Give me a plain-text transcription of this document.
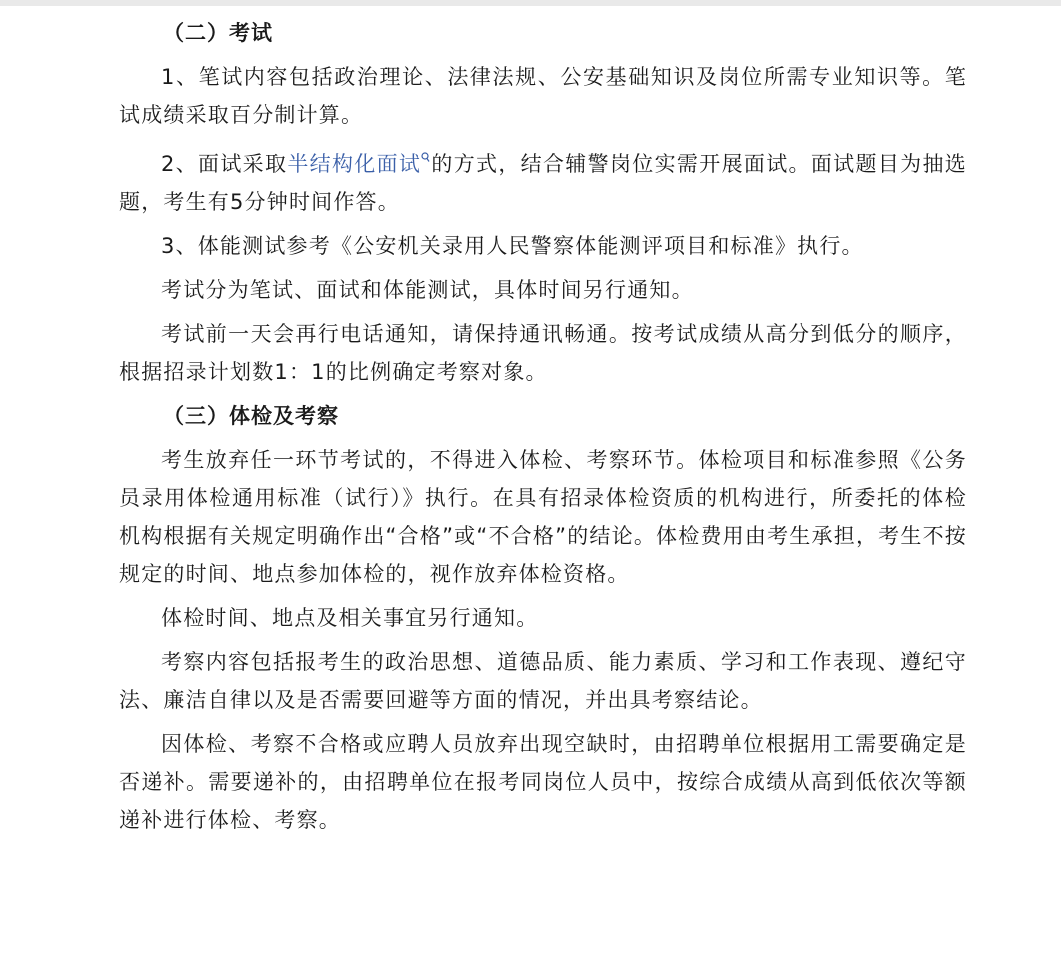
（二）考试

1、笔试内容包括政治理论、法律法规、公安基础知识及岗位所需专业知识等。笔试成绩采取百分制计算。

2、面试采取半结构化面试 的方式，结合辅警岗位实需开展面试。面试题目为抽选题，考生有5分钟时间作答。

3、体能测试参考《公安机关录用人民警察体能测评项目和标准》执行。

考试分为笔试、面试和体能测试，具体时间另行通知。

考试前一天会再行电话通知，请保持通讯畅通。按考试成绩从高分到低分的顺序，根据招录计划数1：1的比例确定考察对象。

（三）体检及考察

考生放弃任一环节考试的，不得进入体检、考察环节。体检项目和标准参照《公务员录用体检通用标准（试行）》执行。在具有招录体检资质的机构进行，所委托的体检机构根据有关规定明确作出“合格”或“不合格”的结论。体检费用由考生承担，考生不按规定的时间、地点参加体检的，视作放弃体检资格。

体检时间、地点及相关事宜另行通知。

考察内容包括报考生的政治思想、道德品质、能力素质、学习和工作表现、遵纪守法、廉洁自律以及是否需要回避等方面的情况，并出具考察结论。

因体检、考察不合格或应聘人员放弃出现空缺时，由招聘单位根据用工需要确定是否递补。需要递补的，由招聘单位在报考同岗位人员中，按综合成绩从高到低依次等额递补进行体检、考察。
